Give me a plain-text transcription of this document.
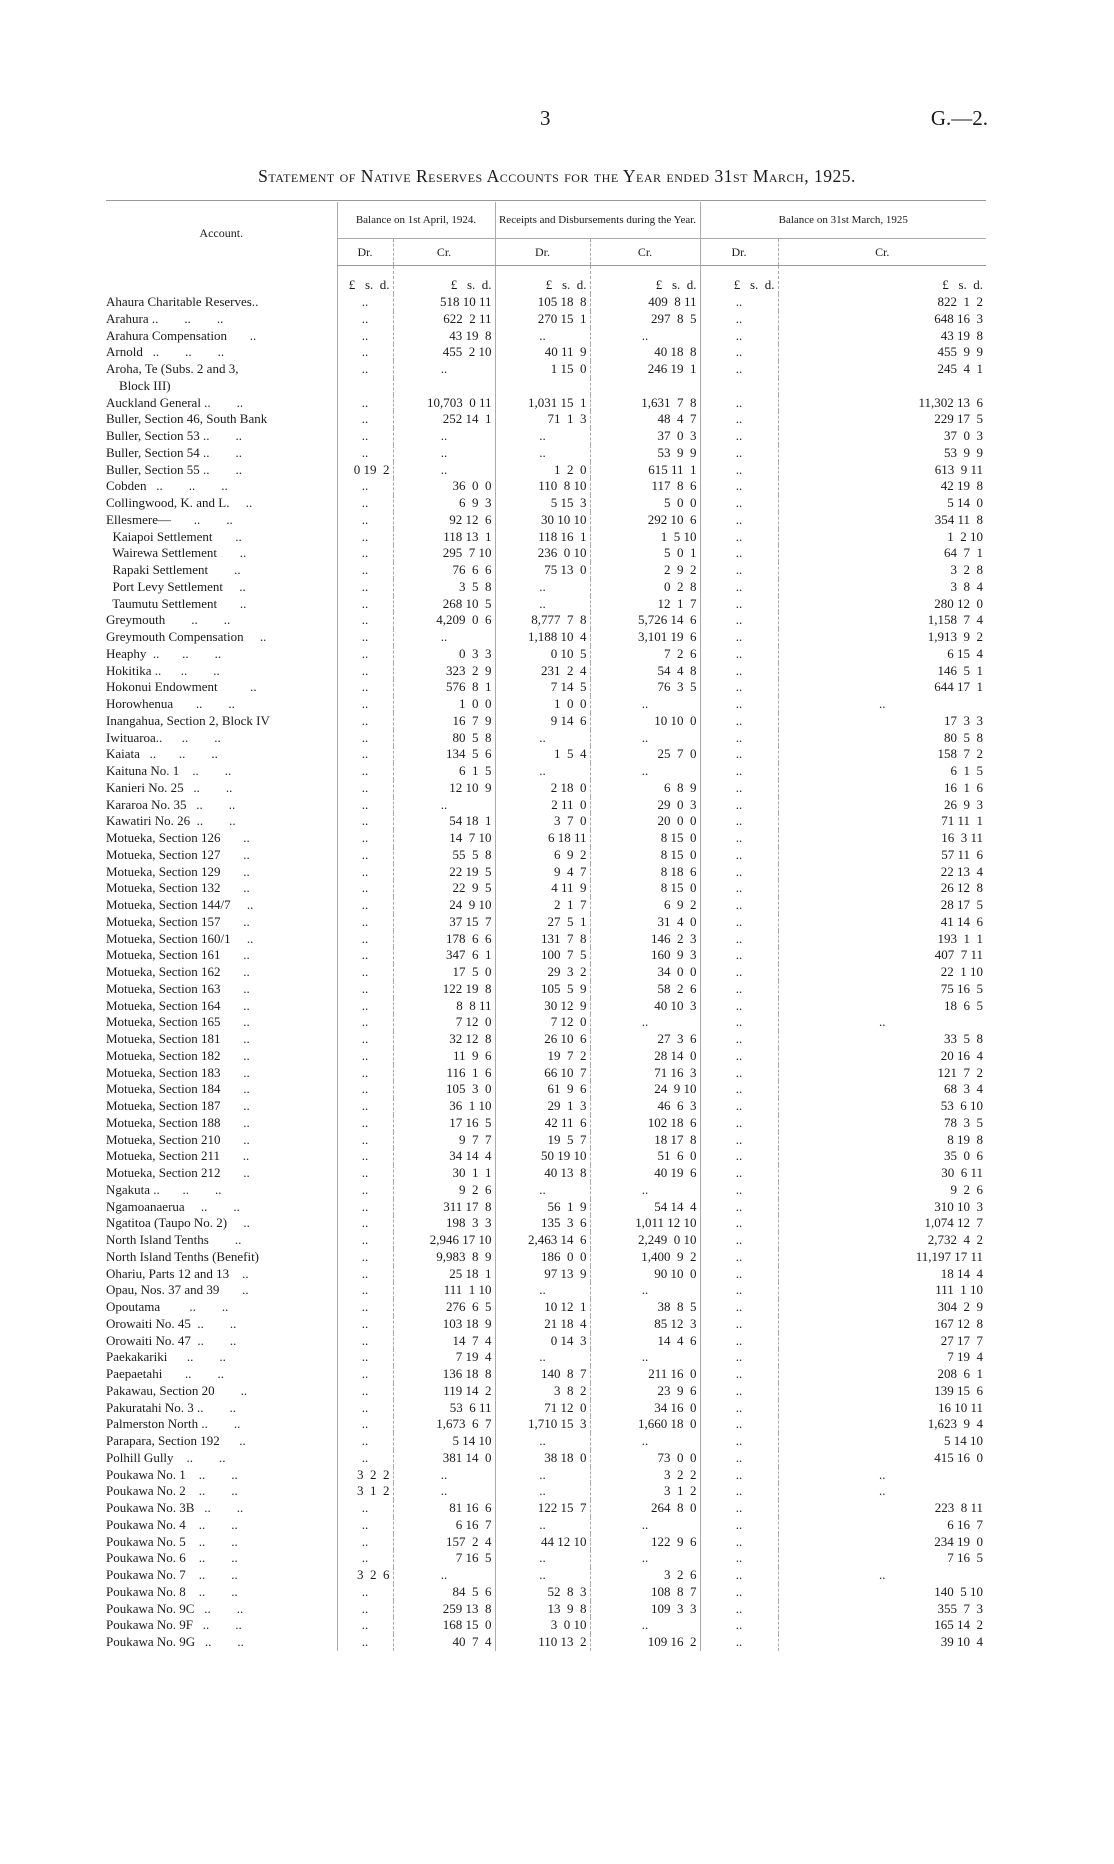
3	G.—2.
Statement of Native Reserves Accounts for the Year ended 31st March, 1925.

Account.	Balance on 1st April, 1924.		Receipts and Disbursements during the Year.		Balance on 31st March, 1925	
	Dr.	Cr.	Dr.	Cr.	Dr.	Cr.
	£   s.  d.	£   s.  d.	£   s.  d.	£   s.  d.	£   s.  d.	£   s.  d.
Ahaura Charitable Reserves..	..	518 10 11	105 18  8	409  8 11	..	822  1  2
Arahura ..        ..        ..	..	622  2 11	270 15  1	297  8  5	..	648 16  3
Arahura Compensation       ..	..	43 19  8	..	..	..	43 19  8
Arnold   ..        ..        ..	..	455  2 10	40 11  9	40 18  8	..	455  9  9
Aroha, Te (Subs. 2 and 3,	..	..	1 15  0	246 19  1	..	245  4  1
Block III)						
Auckland General ..        ..	..	10,703  0 11	1,031 15  1	1,631  7  8	..	11,302 13  6
Buller, Section 46, South Bank	..	252 14  1	71  1  3	48  4  7	..	229 17  5
Buller, Section 53 ..        ..	..	..	..	37  0  3	..	37  0  3
Buller, Section 54 ..        ..	..	..	..	53  9  9	..	53  9  9
Buller, Section 55 ..        ..	0 19  2	..	1  2  0	615 11  1	..	613  9 11
Cobden   ..        ..        ..	..	36  0  0	110  8 10	117  8  6	..	42 19  8
Collingwood, K. and L.     ..	..	6  9  3	5 15  3	5  0  0	..	5 14  0
Ellesmere—       ..        ..	..	92 12  6	30 10 10	292 10  6	..	354 11  8
Kaiapoi Settlement       ..	..	118 13  1	118 16  1	1  5 10	..	1  2 10
Wairewa Settlement       ..	..	295  7 10	236  0 10	5  0  1	..	64  7  1
Rapaki Settlement        ..	..	76  6  6	75 13  0	2  9  2	..	3  2  8
Port Levy Settlement     ..	..	3  5  8	..	0  2  8	..	3  8  4
Taumutu Settlement       ..	..	268 10  5	..	12  1  7	..	280 12  0
Greymouth        ..        ..	..	4,209  0  6	8,777  7  8	5,726 14  6	..	1,158  7  4
Greymouth Compensation     ..	..	..	1,188 10  4	3,101 19  6	..	1,913  9  2
Heaphy  ..       ..        ..	..	0  3  3	0 10  5	7  2  6	..	6 15  4
Hokitika ..      ..        ..	..	323  2  9	231  2  4	54  4  8	..	146  5  1
Hokonui Endowment          ..	..	576  8  1	7 14  5	76  3  5	..	644 17  1
Horowhenua       ..        ..	..	1  0  0	1  0  0	..	..	..
Inangahua, Section 2, Block IV	..	16  7  9	9 14  6	10 10  0	..	17  3  3
Iwituaroa..      ..        ..	..	80  5  8	..	..	..	80  5  8
Kaiata   ..       ..        ..	..	134  5  6	1  5  4	25  7  0	..	158  7  2
Kaituna No. 1    ..        ..	..	6  1  5	..	..	..	6  1  5
Kanieri No. 25   ..        ..	..	12 10  9	2 18  0	6  8  9	..	16  1  6
Kararoa No. 35   ..        ..	..	..	2 11  0	29  0  3	..	26  9  3
Kawatiri No. 26  ..        ..	..	54 18  1	3  7  0	20  0  0	..	71 11  1
Motueka, Section 126       ..	..	14  7 10	6 18 11	8 15  0	..	16  3 11
Motueka, Section 127       ..	..	55  5  8	6  9  2	8 15  0	..	57 11  6
Motueka, Section 129       ..	..	22 19  5	9  4  7	8 18  6	..	22 13  4
Motueka, Section 132       ..	..	22  9  5	4 11  9	8 15  0	..	26 12  8
Motueka, Section 144/7     ..	..	24  9 10	2  1  7	6  9  2	..	28 17  5
Motueka, Section 157       ..	..	37 15  7	27  5  1	31  4  0	..	41 14  6
Motueka, Section 160/1     ..	..	178  6  6	131  7  8	146  2  3	..	193  1  1
Motueka, Section 161       ..	..	347  6  1	100  7  5	160  9  3	..	407  7 11
Motueka, Section 162       ..	..	17  5  0	29  3  2	34  0  0	..	22  1 10
Motueka, Section 163       ..	..	122 19  8	105  5  9	58  2  6	..	75 16  5
Motueka, Section 164       ..	..	8  8 11	30 12  9	40 10  3	..	18  6  5
Motueka, Section 165       ..	..	7 12  0	7 12  0	..	..	..
Motueka, Section 181       ..	..	32 12  8	26 10  6	27  3  6	..	33  5  8
Motueka, Section 182       ..	..	11  9  6	19  7  2	28 14  0	..	20 16  4
Motueka, Section 183       ..	..	116  1  6	66 10  7	71 16  3	..	121  7  2
Motueka, Section 184       ..	..	105  3  0	61  9  6	24  9 10	..	68  3  4
Motueka, Section 187       ..	..	36  1 10	29  1  3	46  6  3	..	53  6 10
Motueka, Section 188       ..	..	17 16  5	42 11  6	102 18  6	..	78  3  5
Motueka, Section 210       ..	..	9  7  7	19  5  7	18 17  8	..	8 19  8
Motueka, Section 211       ..	..	34 14  4	50 19 10	51  6  0	..	35  0  6
Motueka, Section 212       ..	..	30  1  1	40 13  8	40 19  6	..	30  6 11
Ngakuta ..       ..        ..	..	9  2  6	..	..	..	9  2  6
Ngamoanaerua     ..        ..	..	311 17  8	56  1  9	54 14  4	..	310 10  3
Ngatitoa (Taupo No. 2)     ..	..	198  3  3	135  3  6	1,011 12 10	..	1,074 12  7
North Island Tenths        ..	..	2,946 17 10	2,463 14  6	2,249  0 10	..	2,732  4  2
North Island Tenths (Benefit)	..	9,983  8  9	186  0  0	1,400  9  2	..	11,197 17 11
Ohariu, Parts 12 and 13    ..	..	25 18  1	97 13  9	90 10  0	..	18 14  4
Opau, Nos. 37 and 39       ..	..	111  1 10	..	..	..	111  1 10
Opoutama         ..        ..	..	276  6  5	10 12  1	38  8  5	..	304  2  9
Orowaiti No. 45  ..        ..	..	103 18  9	21 18  4	85 12  3	..	167 12  8
Orowaiti No. 47  ..        ..	..	14  7  4	0 14  3	14  4  6	..	27 17  7
Paekakariki      ..        ..	..	7 19  4	..	..	..	7 19  4
Paepaetahi       ..        ..	..	136 18  8	140  8  7	211 16  0	..	208  6  1
Pakawau, Section 20        ..	..	119 14  2	3  8  2	23  9  6	..	139 15  6
Pakuratahi No. 3 ..        ..	..	53  6 11	71 12  0	34 16  0	..	16 10 11
Palmerston North ..        ..	..	1,673  6  7	1,710 15  3	1,660 18  0	..	1,623  9  4
Parapara, Section 192      ..	..	5 14 10	..	..	..	5 14 10
Polhill Gully    ..        ..	..	381 14  0	38 18  0	73  0  0	..	415 16  0
Poukawa No. 1    ..        ..	3  2  2	..	..	3  2  2	..	..
Poukawa No. 2    ..        ..	3  1  2	..	..	3  1  2	..	..
Poukawa No. 3B   ..        ..	..	81 16  6	122 15  7	264  8  0	..	223  8 11
Poukawa No. 4    ..        ..	..	6 16  7	..	..	..	6 16  7
Poukawa No. 5    ..        ..	..	157  2  4	44 12 10	122  9  6	..	234 19  0
Poukawa No. 6    ..        ..	..	7 16  5	..	..	..	7 16  5
Poukawa No. 7    ..        ..	3  2  6	..	..	3  2  6	..	..
Poukawa No. 8    ..        ..	..	84  5  6	52  8  3	108  8  7	..	140  5 10
Poukawa No. 9C   ..        ..	..	259 13  8	13  9  8	109  3  3	..	355  7  3
Poukawa No. 9F   ..        ..	..	168 15  0	3  0 10	..	..	165 14  2
Poukawa No. 9G   ..        ..	..	40  7  4	110 13  2	109 16  2	..	39 10  4
